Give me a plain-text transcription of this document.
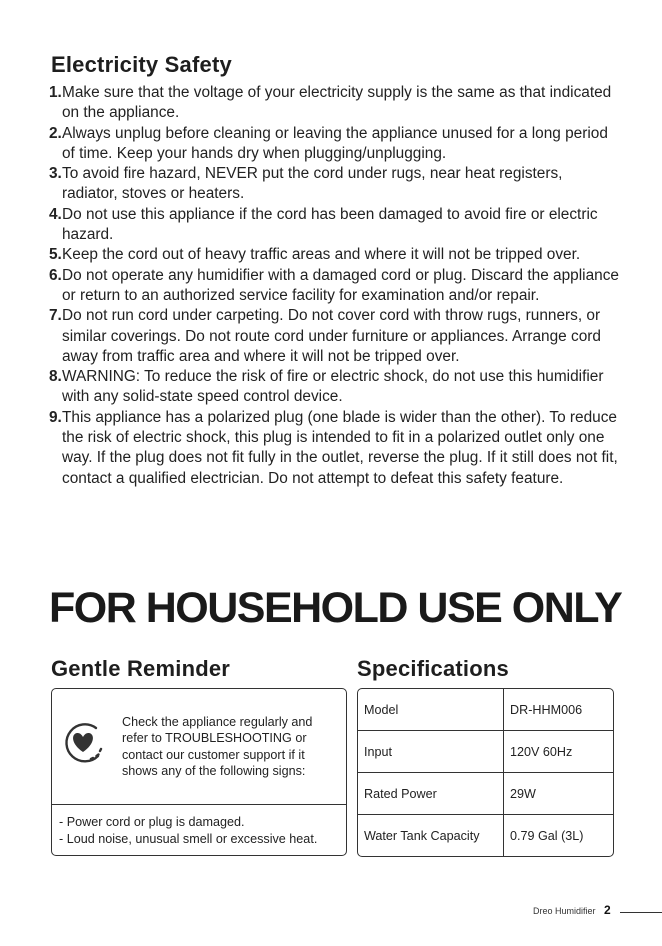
Electricity Safety
1. Make sure that the voltage of your electricity supply is the same as that indicated on the appliance.
2. Always unplug before cleaning or leaving the appliance unused for a long period of time. Keep your hands dry when plugging/unplugging.
3. To avoid fire hazard, NEVER put the cord under rugs, near heat registers, radiator, stoves or heaters.
4. Do not use this appliance if the cord has been damaged to avoid fire or electric hazard.
5. Keep the cord out of heavy traffic areas and where it will not be tripped over.
6. Do not operate any humidifier with a damaged cord or plug. Discard the appliance or return to an authorized service facility for examination and/or repair.
7. Do not run cord under carpeting. Do not cover cord with throw rugs, runners, or similar coverings. Do not route cord under furniture or appliances. Arrange cord away from traffic area and where it will not be tripped over.
8. WARNING: To reduce the risk of fire or electric shock, do not use this humidifier with any solid-state speed control device.
9. This appliance has a polarized plug (one blade is wider than the other). To reduce the risk of electric shock, this plug is intended to fit in a polarized outlet only one way. If the plug does not fit fully in the outlet, reverse the plug. If it still does not fit, contact a qualified electrician. Do not attempt to defeat this safety feature.
FOR HOUSEHOLD USE ONLY
Gentle Reminder	Specifications
Check the appliance regularly and refer to TROUBLESHOOTING or contact our customer support if it shows any of the following signs:
- Power cord or plug is damaged.
- Loud noise, unusual smell or excessive heat.
Model	DR-HHM006
Input	120V 60Hz
Rated Power	29W
Water Tank Capacity	0.79 Gal (3L)
Dreo Humidifier 2
